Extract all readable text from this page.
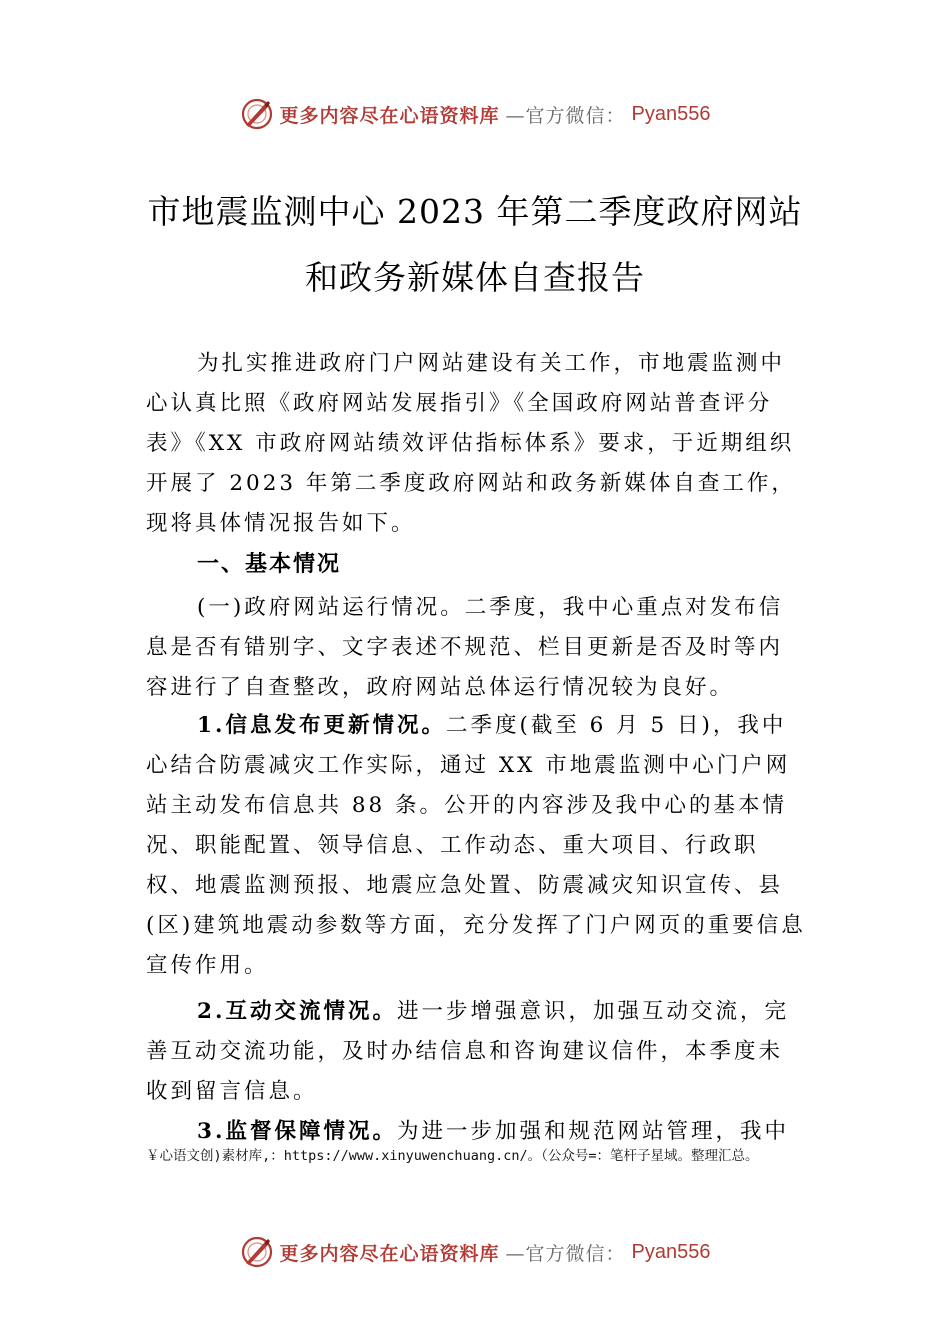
更多内容尽在心语资料库 —官方微信： Pyan556
市地震监测中心 2023 年第二季度政府网站
和政务新媒体自查报告
为扎实推进政府门户网站建设有关工作，市地震监测中心认真比照《政府网站发展指引》《全国政府网站普查评分表》《XX 市政府网站绩效评估指标体系》要求，于近期组织开展了 2023 年第二季度政府网站和政务新媒体自查工作，现将具体情况报告如下。
一、基本情况
(一)政府网站运行情况。二季度，我中心重点对发布信息是否有错别字、文字表述不规范、栏目更新是否及时等内容进行了自查整改，政府网站总体运行情况较为良好。
1.信息发布更新情况。二季度(截至 6 月 5 日)，我中心结合防震减灾工作实际，通过 XX 市地震监测中心门户网站主动发布信息共 88 条。公开的内容涉及我中心的基本情况、职能配置、领导信息、工作动态、重大项目、行政职权、地震监测预报、地震应急处置、防震减灾知识宣传、县(区)建筑地震动参数等方面，充分发挥了门户网页的重要信息宣传作用。
2.互动交流情况。进一步增强意识，加强互动交流，完善互动交流功能，及时办结信息和咨询建议信件，本季度未收到留言信息。
3.监督保障情况。为进一步加强和规范网站管理，我中
￥心语文创)素材库,：https://www.xinyuwenchuang.cn/。（公众号=：笔杆子星域。整理汇总。
更多内容尽在心语资料库 —官方微信： Pyan556
